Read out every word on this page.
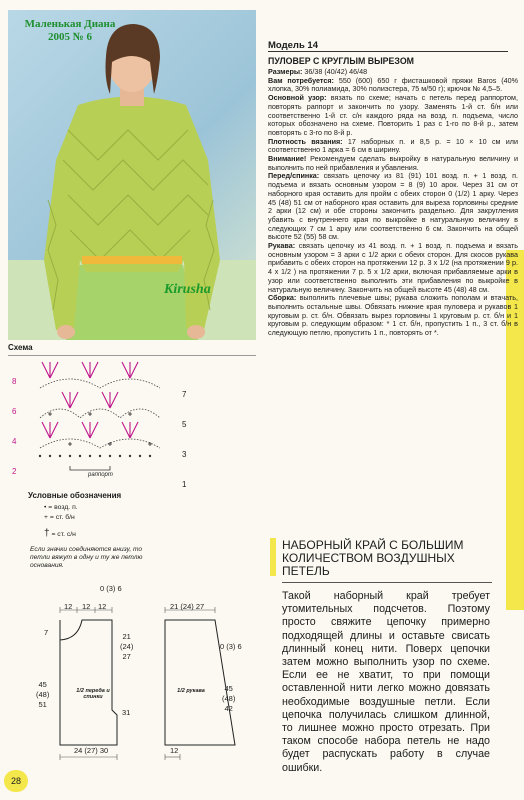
Маленькая Диана
2005 № 6
Kirusha
Модель 14
ПУЛОВЕР С КРУГЛЫМ ВЫРЕЗОМ

Размеры: 36/38 (40/42) 46/48

Вам потребуется: 550 (600) 650 г фисташковой пряжи Baros (40% хлопка, 30% полиамида, 30% полиэстера, 75 м/50 г); крючок № 4,5–5.

Основной узор: вязать по схеме; начать с петель перед раппортом, повторять раппорт и закончить по узору. Заменять 1-й ст. б/н или соответственно 1-й ст. с/н каждого ряда на возд. п. подъема, число которых обозначено на схеме. Повторить 1 раз с 1-го по 8-й р., затем повторять с 3-го по 8-й р.

Плотность вязания: 17 наборных п. и 8,5 р. = 10 × 10 см или соответственно 1 арка = 6 см в ширину.

Внимание! Рекомендуем сделать выкройку в натуральную величину и выполнить по ней прибавления и убавления.

Перед/спинка: связать цепочку из 81 (91) 101 возд. п. + 1 возд. п. подъема и вязать основным узором = 8 (9) 10 арок. Через 31 см от наборного края оставить для пройм с обеих сторон 0 (1/2) 1 арку. Через 45 (48) 51 см от наборного края оставить для выреза горловины средние 2 арки (12 см) и обе стороны закончить раздельно. Для закругления убавить с внутреннего края по выкройке в натуральную величину в следующих 7 см 1 арку или соответственно 6 см. Закончить на общей высоте 52 (55) 58 см.

Рукава: связать цепочку из 41 возд. п. + 1 возд. п. подъема и вязать основным узором = 3 арки с 1/2 арки с обеих сторон. Для скосов рукава прибавить с обеих сторон на протяжении 12 р. 3 х 1/2 (на протяжении 9 р. 4 х 1/2 ) на протяжении 7 р. 5 х 1/2 арки, включая прибавляемые арки в узор или соответственно выполнить эти прибавления по выкройке в натуральную величину. Закончить на общей высоте 45 (48) 48 см.

Сборка: выполнить плечевые швы; рукава сложить пополам и втачать, выполнить остальные швы. Обвязать нижние края пуловера и рукавов 1 круговым р. ст. б/н. Обвязать вырез горловины 1 круговым р. ст. б/н и 1 круговым р. следующим образом: * 1 ст. б/н, пропустить 1 п., 3 ст. б/н в следующую петлю, пропустить 1 п., повторять от *.

Схема
8
6
4
2
7
5
3
1
раппорт
Условные обозначения
• = возд. п.
+ = ст. б/н
† = ст. с/н
Если значки соединяются внизу, то петли вяжут в одну и ту же петлю основания.
НАБОРНЫЙ КРАЙ С БОЛЬШИМ КОЛИЧЕСТВОМ ВОЗДУШНЫХ ПЕТЕЛЬ
Такой наборный край требует утомительных подсчетов. Поэтому просто свяжите цепочку примерно подходящей длины и оставьте свисать длинный конец нити. Поверх цепочки затем можно выполнить узор по схеме. Если ее не хватит, то при помощи оставленной нити легко можно довязать необходимые воздушные петли. Если цепочка получилась слишком длинной, то лишнее можно просто отрезать. При таком способе набора петель не надо будет распускать работу в случае ошибки.
12 12 12
0 (3) 6
7	21
(24)
27
45
(48)
51
31
1/2 переда и спинки
24 (27) 30
21 (24) 27
0 (3) 6
45
(48)
42
1/2 рукава
12
28
